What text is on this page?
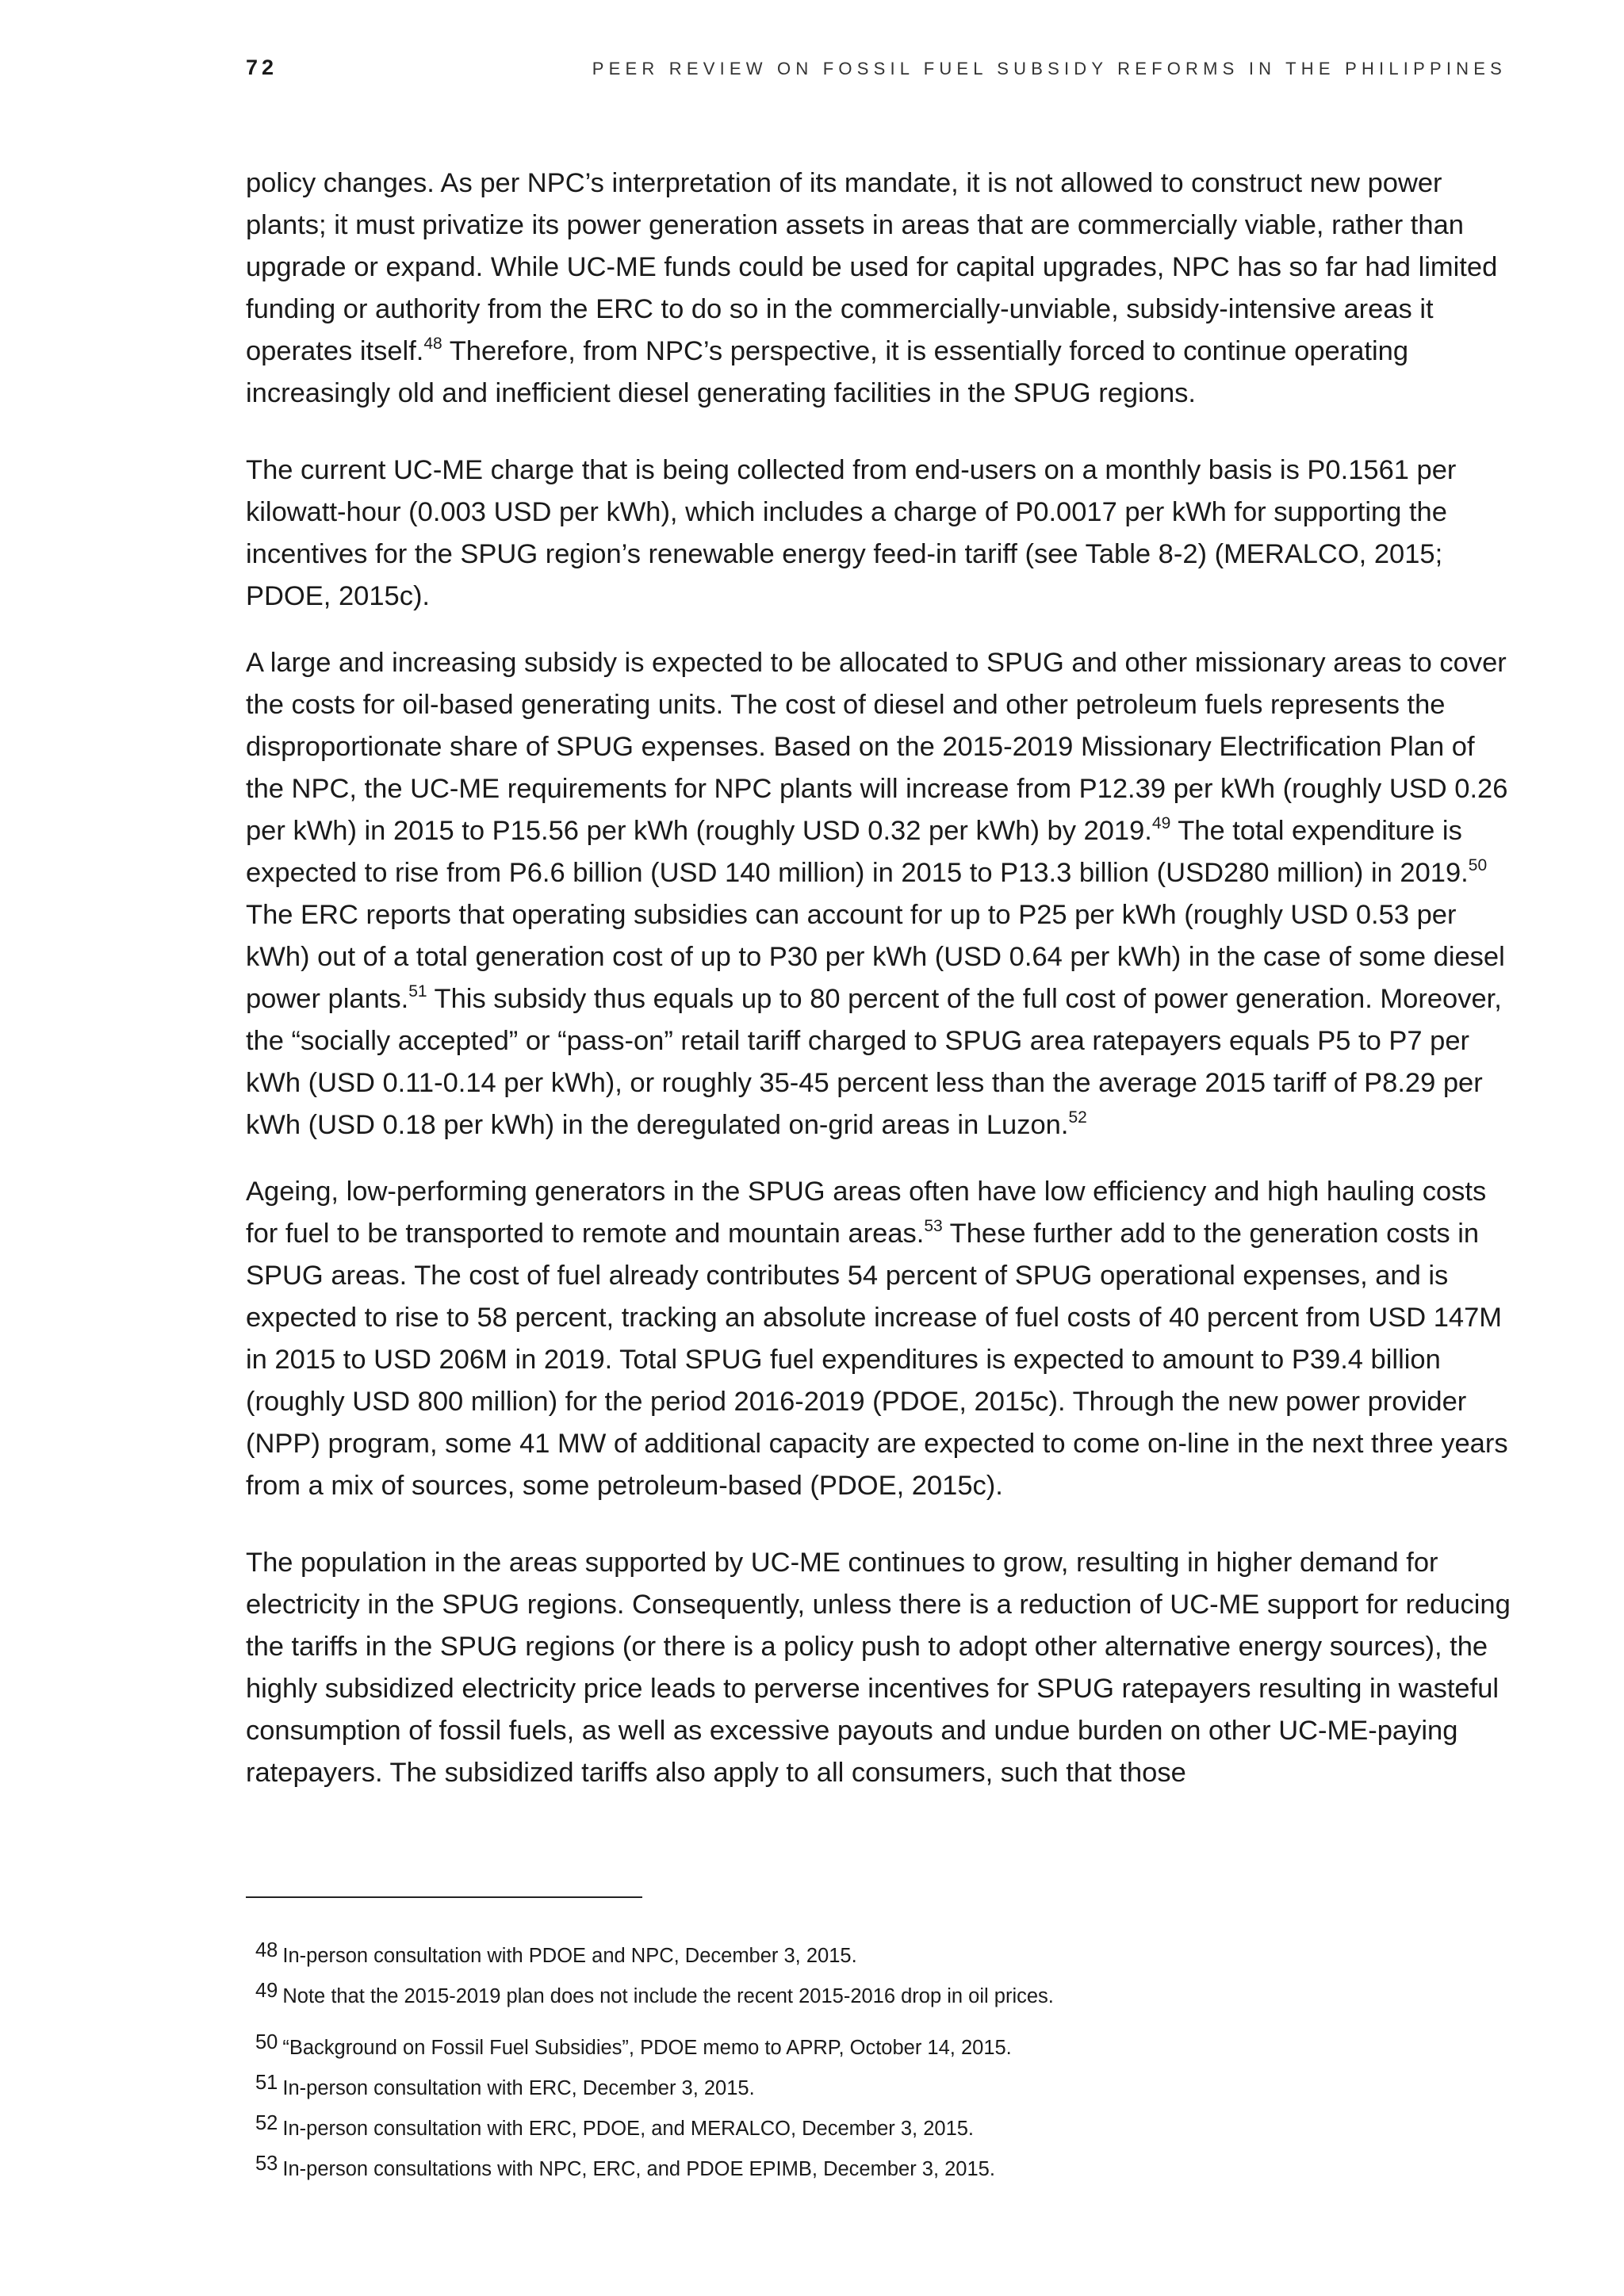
72	PEER REVIEW ON FOSSIL FUEL SUBSIDY REFORMS IN THE PHILIPPINES

policy changes. As per NPC’s interpretation of its mandate, it is not allowed to construct new power plants; it must privatize its power generation assets in areas that are commercially viable, rather than upgrade or expand. While UC-ME funds could be used for capital upgrades, NPC has so far had limited funding or authority from the ERC to do so in the commercially-unviable, subsidy-intensive areas it operates itself.$^{48}$ Therefore, from NPC’s perspective, it is essentially forced to continue operating increasingly old and inefficient diesel generating facilities in the SPUG regions.

The current UC-ME charge that is being collected from end-users on a monthly basis is P0.1561 per kilowatt-hour (0.003 USD per kWh), which includes a charge of P0.0017 per kWh for supporting the incentives for the SPUG region’s renewable energy feed-in tariff (see Table 8-2) (MERALCO, 2015; PDOE, 2015c).

A large and increasing subsidy is expected to be allocated to SPUG and other missionary areas to cover the costs for oil-based generating units. The cost of diesel and other petroleum fuels represents the disproportionate share of SPUG expenses. Based on the 2015-2019 Missionary Electrification Plan of the NPC, the UC-ME requirements for NPC plants will increase from P12.39 per kWh (roughly USD 0.26 per kWh) in 2015 to P15.56 per kWh (roughly USD 0.32 per kWh) by 2019.49 The total expenditure is expected to rise from P6.6 billion (USD 140 million) in 2015 to P13.3 billion (USD280 million) in 2019.50 The ERC reports that operating subsidies can account for up to P25 per kWh (roughly USD 0.53 per kWh) out of a total generation cost of up to P30 per kWh (USD 0.64 per kWh) in the case of some diesel power plants.$^{51}$ This subsidy thus equals up to 80 percent of the full cost of power generation. Moreover, the “socially accepted” or “pass-on” retail tariff charged to SPUG area ratepayers equals P5 to P7 per kWh (USD 0.11-0.14 per kWh), or roughly 35-45 percent less than the average 2015 tariff of P8.29 per kWh (USD 0.18 per kWh) in the deregulated on-grid areas in Luzon.$^{52}$

Ageing, low-performing generators in the SPUG areas often have low efficiency and high hauling costs for fuel to be transported to remote and mountain areas.$^{53}$ These further add to the generation costs in SPUG areas. The cost of fuel already contributes 54 percent of SPUG operational expenses, and is expected to rise to 58 percent, tracking an absolute increase of fuel costs of 40 percent from USD 147M in 2015 to USD 206M in 2019. Total SPUG fuel expenditures is expected to amount to P39.4 billion (roughly USD 800 million) for the period 2016-2019 (PDOE, 2015c). Through the new power provider (NPP) program, some 41 MW of additional capacity are expected to come on-line in the next three years from a mix of sources, some petroleum-based (PDOE, 2015c).

The population in the areas supported by UC-ME continues to grow, resulting in higher demand for electricity in the SPUG regions. Consequently, unless there is a reduction of UC-ME support for reducing the tariffs in the SPUG regions (or there is a policy push to adopt other alternative energy sources), the highly subsidized electricity price leads to perverse incentives for SPUG ratepayers resulting in wasteful consumption of fossil fuels, as well as excessive payouts and undue burden on other UC-ME-paying ratepayers. The subsidized tariffs also apply to all consumers, such that those

48 In-person consultation with PDOE and NPC, December 3, 2015.
49 Note that the 2015-2019 plan does not include the recent 2015-2016 drop in oil prices.
50 “Background on Fossil Fuel Subsidies”, PDOE memo to APRP, October 14, 2015.
51 In-person consultation with ERC, December 3, 2015.
52 In-person consultation with ERC, PDOE, and MERALCO, December 3, 2015.
53 In-person consultations with NPC, ERC, and PDOE EPIMB, December 3, 2015.
